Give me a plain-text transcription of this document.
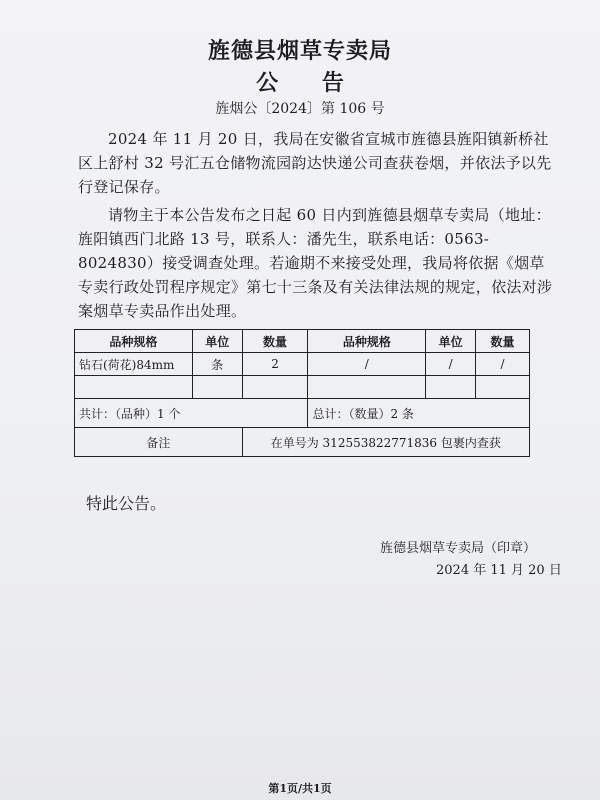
旌德县烟草专卖局
公 告
旌烟公〔2024〕第 106 号
2024 年 11 月 20 日，我局在安徽省宣城市旌德县旌阳镇新桥社区上舒村 32 号汇五仓储物流园韵达快递公司查获卷烟，并依法予以先行登记保存。
请物主于本公告发布之日起 60 日内到旌德县烟草专卖局（地址：旌阳镇西门北路 13 号，联系人：潘先生，联系电话：0563-8024830）接受调查处理。若逾期不来接受处理，我局将依据《烟草专卖行政处罚程序规定》第七十三条及有关法律法规的规定，依法对涉案烟草专卖品作出处理。
品种规格	单位	数量	品种规格	单位	数量
钻石(荷花)84mm	条	2	/	/	/

共计：（品种）1 个			总计：（数量）2 条		
备注		在单号为 312553822771836 包裹内查获			
特此公告。
旌德县烟草专卖局（印章）
2024 年 11 月 20 日
第1页/共1页
